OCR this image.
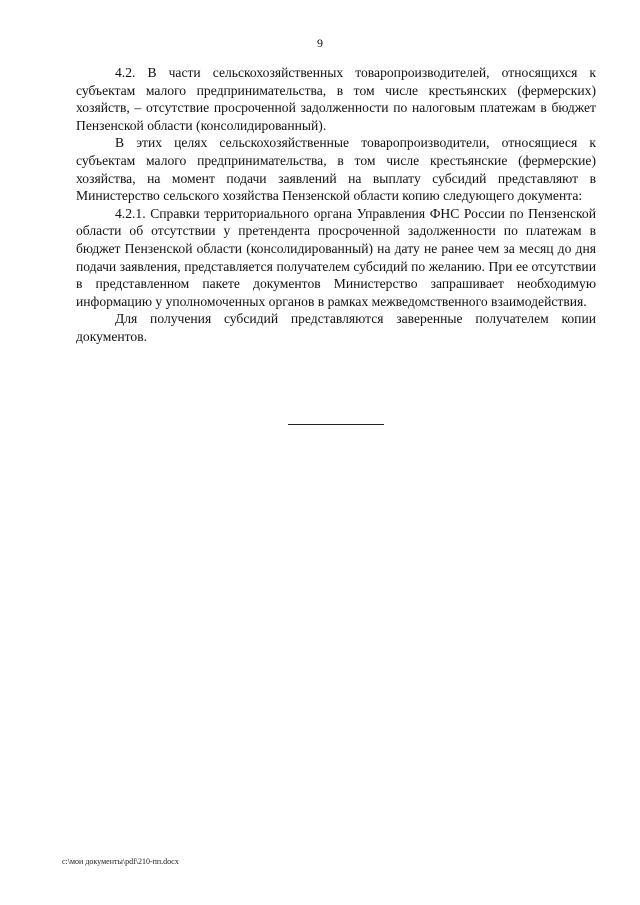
9

4.2. В части сельскохозяйственных товаропроизводителей, относящихся к субъектам малого предпринимательства, в том числе крестьянских (фермерских) хозяйств, – отсутствие просроченной задолженности по налоговым платежам в бюджет Пензенской области (консолидированный).

В этих целях сельскохозяйственные товаропроизводители, относящиеся к субъектам малого предпринимательства, в том числе крестьянские (фермерские) хозяйства, на момент подачи заявлений на выплату субсидий представляют в Министерство сельского хозяйства Пензенской области копию следующего документа:

4.2.1. Справки территориального органа Управления ФНС России по Пензенской области об отсутствии у претендента просроченной задолженности по платежам в бюджет Пензенской области (консолидированный) на дату не ранее чем за месяц до дня подачи заявления, представляется получателем субсидий по желанию. При ее отсутствии в представленном пакете документов Министерство запрашивает необходимую информацию у уполномоченных органов в рамках межведомственного взаимодействия.

Для получения субсидий представляются заверенные получателем копии документов.

c:\мои документы\pdf\210-пп.docx
